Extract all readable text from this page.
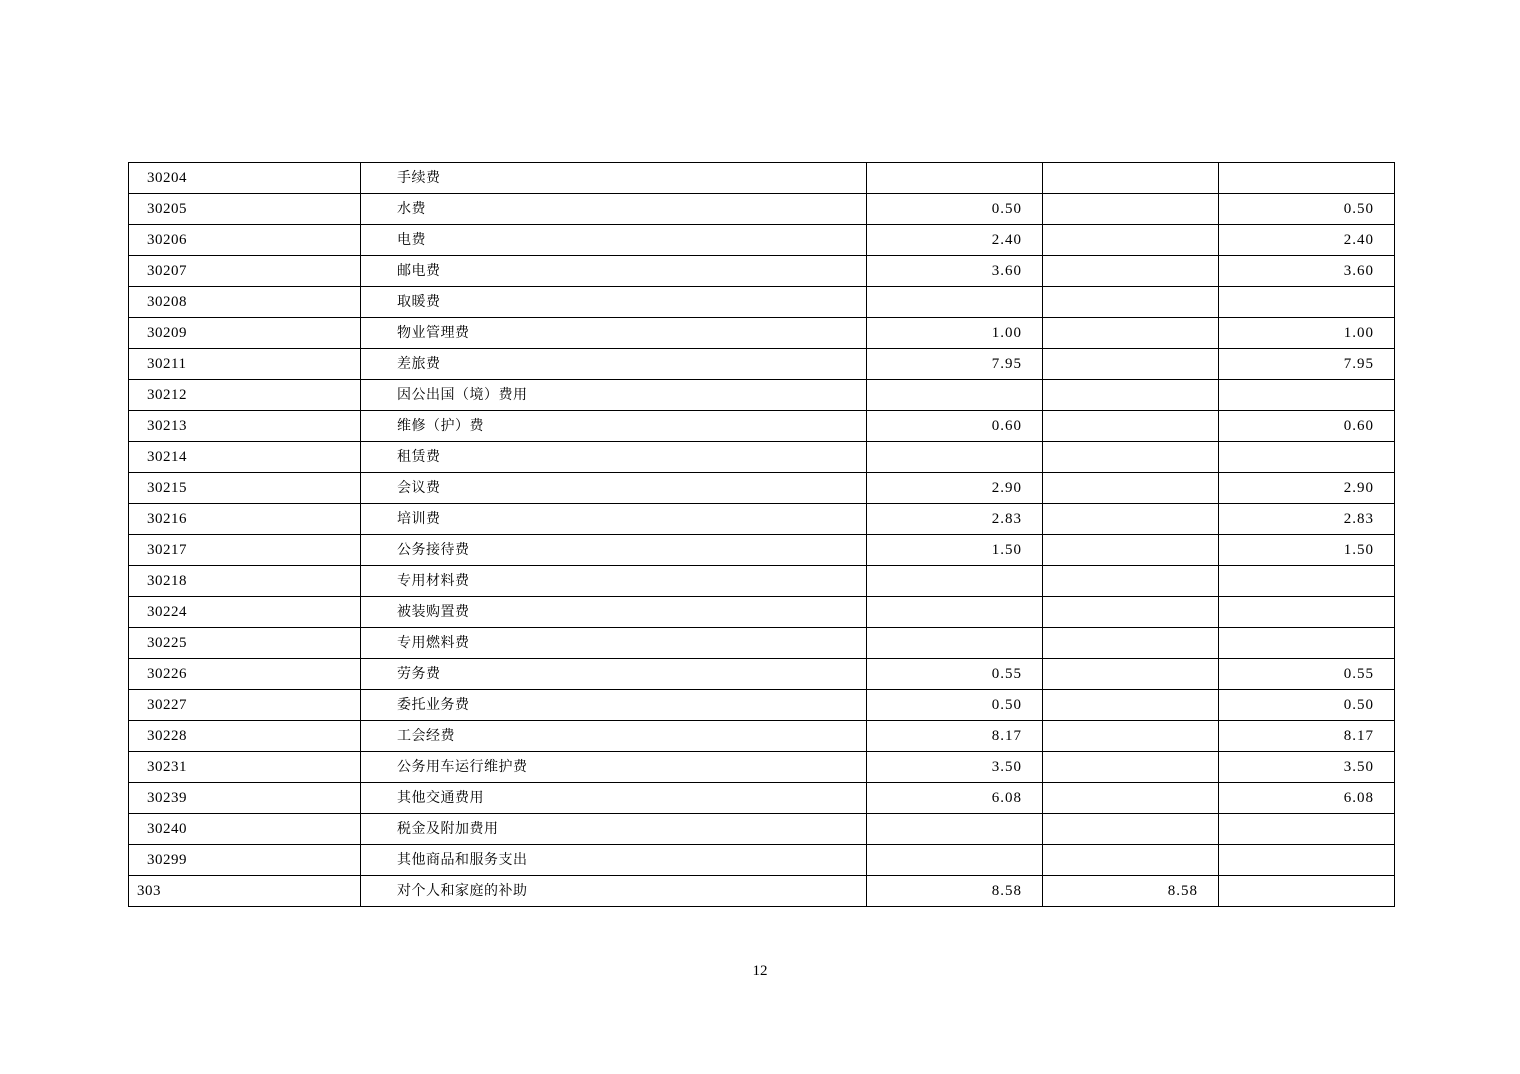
30204	手续费			
30205	水费	0.50		0.50
30206	电费	2.40		2.40
30207	邮电费	3.60		3.60
30208	取暖费			
30209	物业管理费	1.00		1.00
30211	差旅费	7.95		7.95
30212	因公出国（境）费用			
30213	维修（护）费	0.60		0.60
30214	租赁费			
30215	会议费	2.90		2.90
30216	培训费	2.83		2.83
30217	公务接待费	1.50		1.50
30218	专用材料费			
30224	被装购置费			
30225	专用燃料费			
30226	劳务费	0.55		0.55
30227	委托业务费	0.50		0.50
30228	工会经费	8.17		8.17
30231	公务用车运行维护费	3.50		3.50
30239	其他交通费用	6.08		6.08
30240	税金及附加费用			
30299	其他商品和服务支出			
303	对个人和家庭的补助	8.58	8.58	
12
